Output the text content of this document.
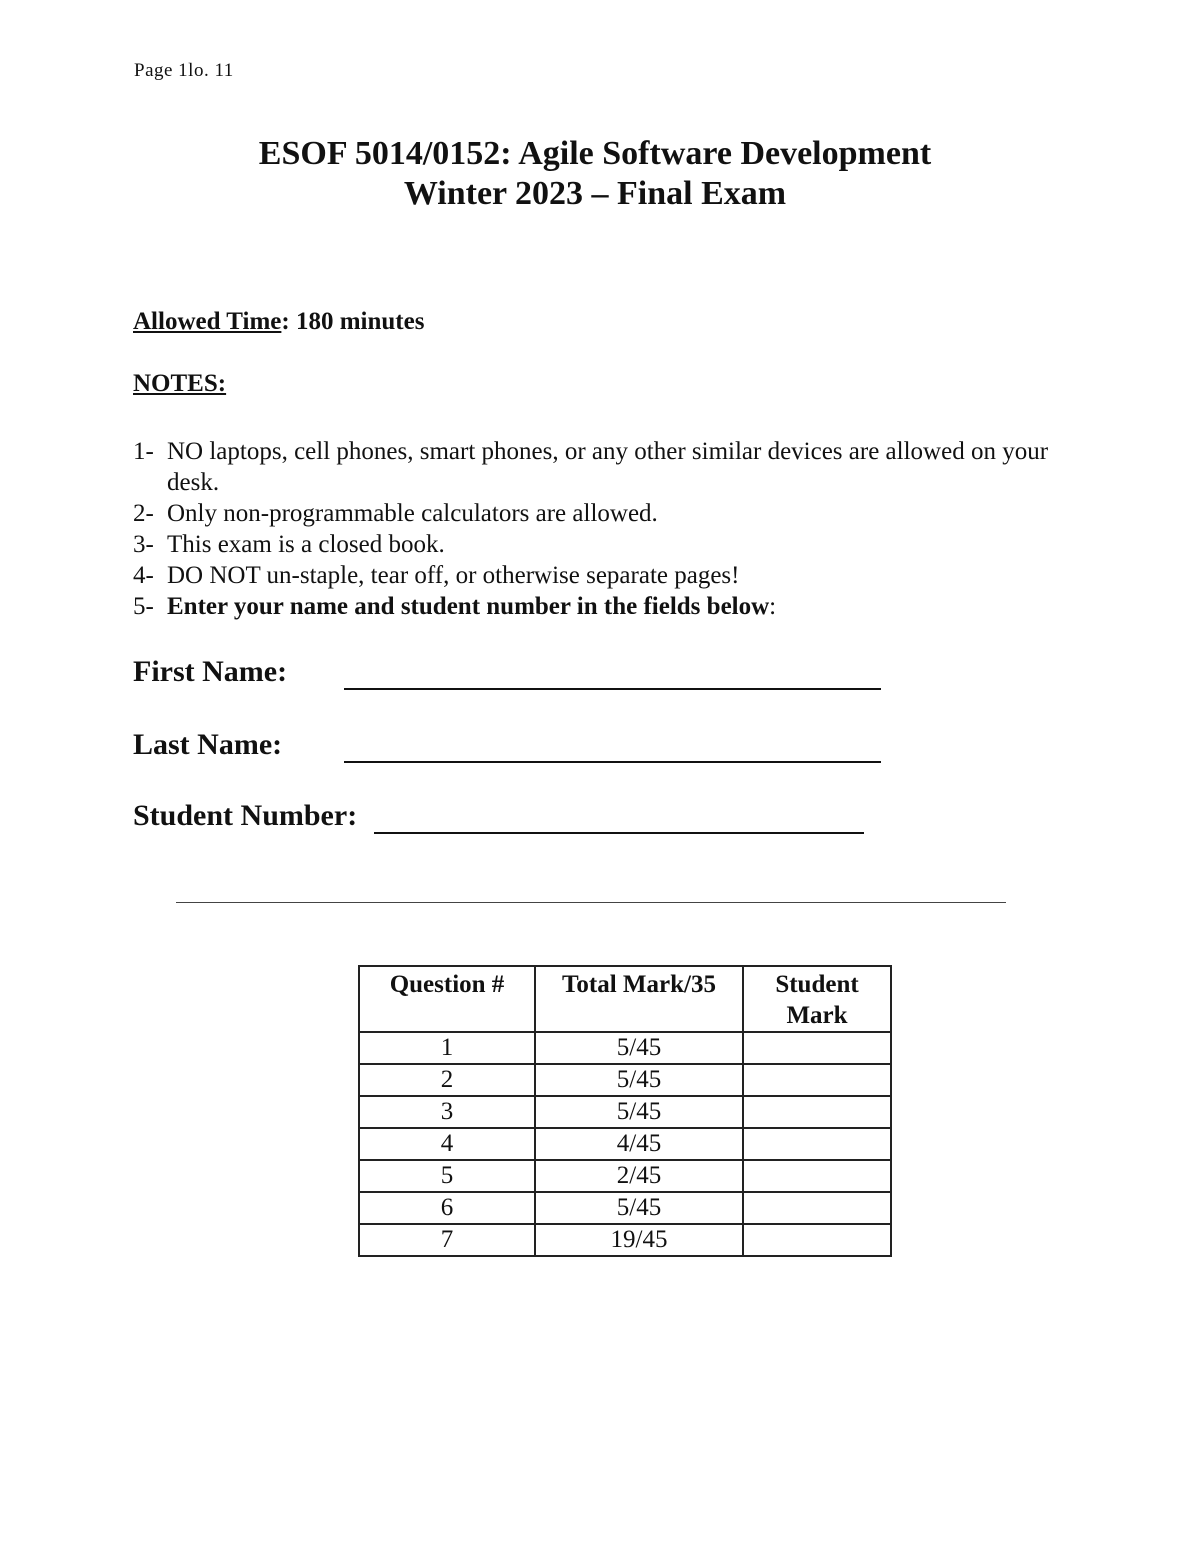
Page 1lo. 11
ESOF 5014/0152: Agile Software Development
Winter 2023 – Final Exam
Allowed Time: 180 minutes
NOTES:
1- NO laptops, cell phones, smart phones, or any other similar devices are allowed on your desk.
2- Only non-programmable calculators are allowed.
3- This exam is a closed book.
4- DO NOT un-staple, tear off, or otherwise separate pages!
5- Enter your name and student number in the fields below:
First Name:
Last Name:
Student Number:
Question #	Total Mark/35	Student Mark
1	5/45	
2	5/45	
3	5/45	
4	4/45	
5	2/45	
6	5/45	
7	19/45	
